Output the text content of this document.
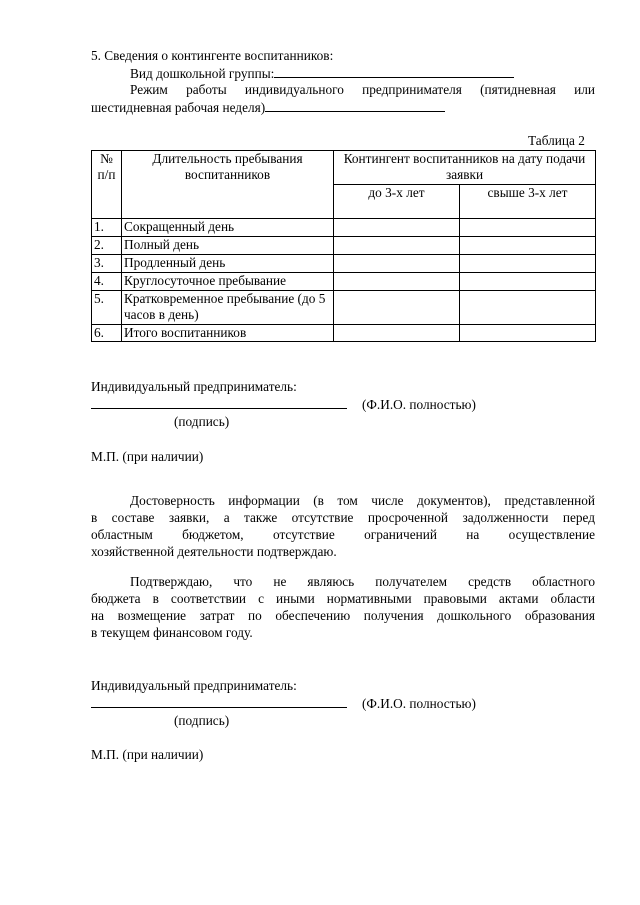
5. Сведения о контингенте воспитанников:
Вид дошкольной группы:
Режим работы индивидуального предпринимателя (пятидневная или
шестидневная рабочая неделя)
Таблица 2
№ п/п	Длительность пребывания воспитанников	Контингент воспитанников на дату подачи заявки	
		до 3-х лет	свыше 3-х лет
1.	Сокращенный день		
2.	Полный день		
3.	Продленный день		
4.	Круглосуточное пребывание		
5.	Кратковременное пребывание (до 5 часов в день)		
6.	Итого воспитанников		
Индивидуальный предприниматель:
(Ф.И.О. полностью)
(подпись)
М.П. (при наличии)
Достоверность информации (в том числе документов), представленной
в составе заявки, а также отсутствие просроченной задолженности перед
областным бюджетом, отсутствие ограничений на осуществление
хозяйственной деятельности подтверждаю.
Подтверждаю, что не являюсь получателем средств областного
бюджета в соответствии с иными нормативными правовыми актами области
на возмещение затрат по обеспечению получения дошкольного образования
в текущем финансовом году.
Индивидуальный предприниматель:
(Ф.И.О. полностью)
(подпись)
М.П. (при наличии)
